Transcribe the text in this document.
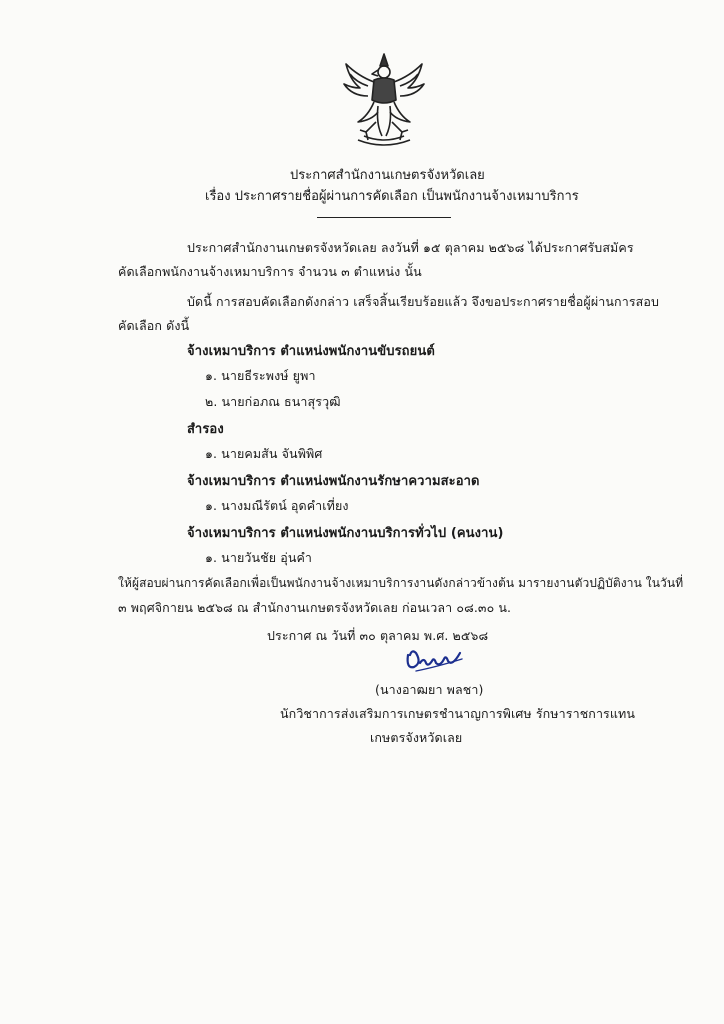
ประกาศสำนักงานเกษตรจังหวัดเลย
เรื่อง ประกาศรายชื่อผู้ผ่านการคัดเลือก เป็นพนักงานจ้างเหมาบริการ
ประกาศสำนักงานเกษตรจังหวัดเลย ลงวันที่ ๑๕ ตุลาคม ๒๕๖๘ ได้ประกาศรับสมัคร
คัดเลือกพนักงานจ้างเหมาบริการ จำนวน ๓ ตำแหน่ง นั้น
บัดนี้ การสอบคัดเลือกดังกล่าว เสร็จสิ้นเรียบร้อยแล้ว จึงขอประกาศรายชื่อผู้ผ่านการสอบ
คัดเลือก ดังนี้
จ้างเหมาบริการ ตำแหน่งพนักงานขับรถยนต์
๑. นายธีระพงษ์ ยูพา
๒. นายก่อภณ ธนาสุรวุฒิ
สำรอง
๑. นายคมสัน จันพิพิศ
จ้างเหมาบริการ ตำแหน่งพนักงานรักษาความสะอาด
๑. นางมณีรัตน์ อุดคำเที่ยง
จ้างเหมาบริการ ตำแหน่งพนักงานบริการทั่วไป (คนงาน)
๑. นายวันชัย อุ่นคำ
ให้ผู้สอบผ่านการคัดเลือกเพื่อเป็นพนักงานจ้างเหมาบริการงานดังกล่าวข้างต้น มารายงานตัวปฏิบัติงาน ในวันที่
๓ พฤศจิกายน ๒๕๖๘ ณ สำนักงานเกษตรจังหวัดเลย ก่อนเวลา ๐๘.๓๐ น.
ประกาศ ณ วันที่ ๓๐ ตุลาคม พ.ศ. ๒๕๖๘
(นางอาฒยา พลชา)
นักวิชาการส่งเสริมการเกษตรชำนาญการพิเศษ รักษาราชการแทน
เกษตรจังหวัดเลย
